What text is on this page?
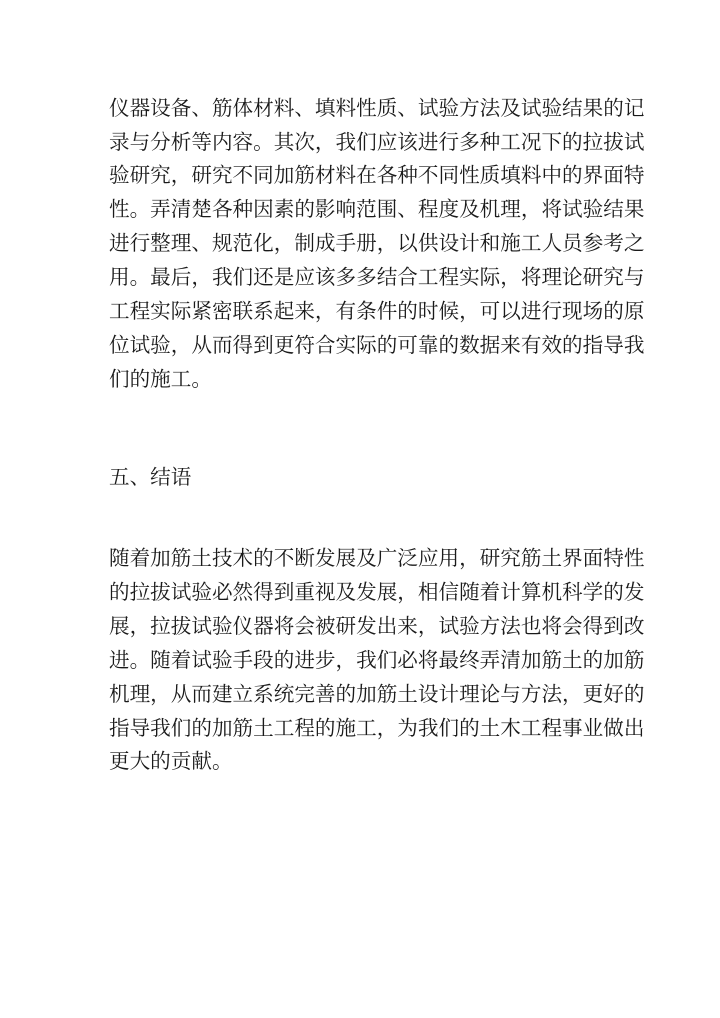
仪器设备、筋体材料、填料性质、试验方法及试验结果的记

录与分析等内容。其次，我们应该进行多种工况下的拉拔试

验研究，研究不同加筋材料在各种不同性质填料中的界面特

性。弄清楚各种因素的影响范围、程度及机理，将试验结果

进行整理、规范化，制成手册，以供设计和施工人员参考之

用。最后，我们还是应该多多结合工程实际，将理论研究与

工程实际紧密联系起来，有条件的时候，可以进行现场的原

位试验，从而得到更符合实际的可靠的数据来有效的指导我

们的施工。

五、结语

随着加筋土技术的不断发展及广泛应用，研究筋土界面特性

的拉拔试验必然得到重视及发展，相信随着计算机科学的发

展，拉拔试验仪器将会被研发出来，试验方法也将会得到改

进。随着试验手段的进步，我们必将最终弄清加筋土的加筋

机理，从而建立系统完善的加筋土设计理论与方法，更好的

指导我们的加筋土工程的施工，为我们的土木工程事业做出

更大的贡献。
